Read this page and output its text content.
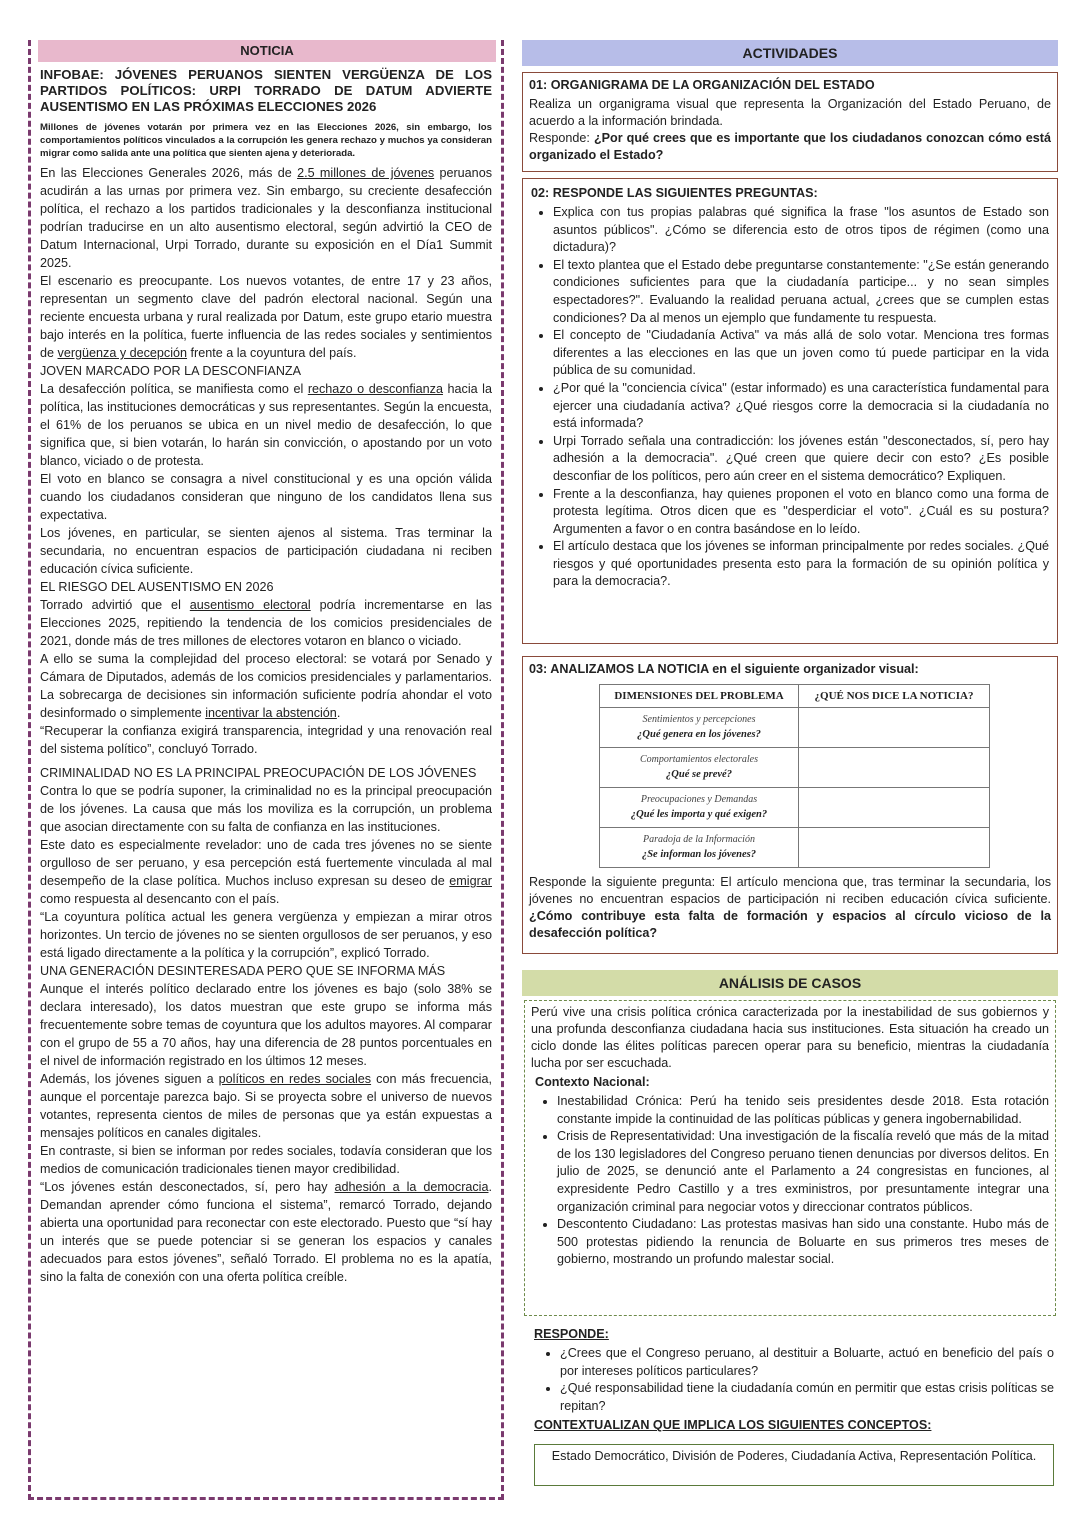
NOTICIA

INFOBAE: JÓVENES PERUANOS SIENTEN VERGÜENZA DE LOS PARTIDOS POLÍTICOS: URPI TORRADO DE DATUM ADVIERTE AUSENTISMO EN LAS PRÓXIMAS ELECCIONES 2026

Millones de jóvenes votarán por primera vez en las Elecciones 2026, sin embargo, los comportamientos políticos vinculados a la corrupción les genera rechazo y muchos ya consideran migrar como salida ante una política que sienten ajena y deteriorada.

En las Elecciones Generales 2026, más de 2.5 millones de jóvenes peruanos acudirán a las urnas por primera vez. Sin embargo, su creciente desafección política, el rechazo a los partidos tradicionales y la desconfianza institucional podrían traducirse en un alto ausentismo electoral, según advirtió la CEO de Datum Internacional, Urpi Torrado, durante su exposición en el Día1 Summit 2025.

El escenario es preocupante. Los nuevos votantes, de entre 17 y 23 años, representan un segmento clave del padrón electoral nacional. Según una reciente encuesta urbana y rural realizada por Datum, este grupo etario muestra bajo interés en la política, fuerte influencia de las redes sociales y sentimientos de vergüenza y decepción frente a la coyuntura del país.

JOVEN MARCADO POR LA DESCONFIANZA

La desafección política, se manifiesta como el rechazo o desconfianza hacia la política, las instituciones democráticas y sus representantes. Según la encuesta, el 61% de los peruanos se ubica en un nivel medio de desafección, lo que significa que, si bien votarán, lo harán sin convicción, o apostando por un voto blanco, viciado o de protesta.

El voto en blanco se consagra a nivel constitucional y es una opción válida cuando los ciudadanos consideran que ninguno de los candidatos llena sus expectativa.

Los jóvenes, en particular, se sienten ajenos al sistema. Tras terminar la secundaria, no encuentran espacios de participación ciudadana ni reciben educación cívica suficiente.

EL RIESGO DEL AUSENTISMO EN 2026

Torrado advirtió que el ausentismo electoral podría incrementarse en las Elecciones 2025, repitiendo la tendencia de los comicios presidenciales de 2021, donde más de tres millones de electores votaron en blanco o viciado.

A ello se suma la complejidad del proceso electoral: se votará por Senado y Cámara de Diputados, además de los comicios presidenciales y parlamentarios. La sobrecarga de decisiones sin información suficiente podría ahondar el voto desinformado o simplemente incentivar la abstención.

“Recuperar la confianza exigirá transparencia, integridad y una renovación real del sistema político”, concluyó Torrado.

CRIMINALIDAD NO ES LA PRINCIPAL PREOCUPACIÓN DE LOS JÓVENES

Contra lo que se podría suponer, la criminalidad no es la principal preocupación de los jóvenes. La causa que más los moviliza es la corrupción, un problema que asocian directamente con su falta de confianza en las instituciones.

Este dato es especialmente revelador: uno de cada tres jóvenes no se siente orgulloso de ser peruano, y esa percepción está fuertemente vinculada al mal desempeño de la clase política. Muchos incluso expresan su deseo de emigrar como respuesta al desencanto con el país.

“La coyuntura política actual les genera vergüenza y empiezan a mirar otros horizontes. Un tercio de jóvenes no se sienten orgullosos de ser peruanos, y eso está ligado directamente a la política y la corrupción”, explicó Torrado.

UNA GENERACIÓN DESINTERESADA PERO QUE SE INFORMA MÁS

Aunque el interés político declarado entre los jóvenes es bajo (solo 38% se declara interesado), los datos muestran que este grupo se informa más frecuentemente sobre temas de coyuntura que los adultos mayores. Al comparar con el grupo de 55 a 70 años, hay una diferencia de 28 puntos porcentuales en el nivel de información registrado en los últimos 12 meses.

Además, los jóvenes siguen a políticos en redes sociales con más frecuencia, aunque el porcentaje parezca bajo. Si se proyecta sobre el universo de nuevos votantes, representa cientos de miles de personas que ya están expuestas a mensajes políticos en canales digitales.

En contraste, si bien se informan por redes sociales, todavía consideran que los medios de comunicación tradicionales tienen mayor credibilidad.

“Los jóvenes están desconectados, sí, pero hay adhesión a la democracia. Demandan aprender cómo funciona el sistema”, remarcó Torrado, dejando abierta una oportunidad para reconectar con este electorado. Puesto que “sí hay un interés que se puede potenciar si se generan los espacios y canales adecuados para estos jóvenes”, señaló Torrado. El problema no es la apatía, sino la falta de conexión con una oferta política creíble.

ACTIVIDADES

01: ORGANIGRAMA DE LA ORGANIZACIÓN DEL ESTADO

Realiza un organigrama visual que representa la Organización del Estado Peruano, de acuerdo a la información brindada.

Responde: ¿Por qué crees que es importante que los ciudadanos conozcan cómo está organizado el Estado?

02: RESPONDE LAS SIGUIENTES PREGUNTAS:

• Explica con tus propias palabras qué significa la frase "los asuntos de Estado son asuntos públicos". ¿Cómo se diferencia esto de otros tipos de régimen (como una dictadura)?
• El texto plantea que el Estado debe preguntarse constantemente: "¿Se están generando condiciones suficientes para que la ciudadanía participe... y no sean simples espectadores?". Evaluando la realidad peruana actual, ¿crees que se cumplen estas condiciones? Da al menos un ejemplo que fundamente tu respuesta.
• El concepto de "Ciudadanía Activa" va más allá de solo votar. Menciona tres formas diferentes a las elecciones en las que un joven como tú puede participar en la vida pública de su comunidad.
• ¿Por qué la "conciencia cívica" (estar informado) es una característica fundamental para ejercer una ciudadanía activa? ¿Qué riesgos corre la democracia si la ciudadanía no está informada?
• Urpi Torrado señala una contradicción: los jóvenes están "desconectados, sí, pero hay adhesión a la democracia". ¿Qué creen que quiere decir con esto? ¿Es posible desconfiar de los políticos, pero aún creer en el sistema democrático? Expliquen.
• Frente a la desconfianza, hay quienes proponen el voto en blanco como una forma de protesta legítima. Otros dicen que es "desperdiciar el voto". ¿Cuál es su postura? Argumenten a favor o en contra basándose en lo leído.
• El artículo destaca que los jóvenes se informan principalmente por redes sociales. ¿Qué riesgos y qué oportunidades presenta esto para la formación de su opinión política y para la democracia?.

03: ANALIZAMOS LA NOTICIA en el siguiente organizador visual:

DIMENSIONES DEL PROBLEMA	¿QUÉ NOS DICE LA NOTICIA?

Sentimientos y percepciones
¿Qué genera en los jóvenes?	

Comportamientos electorales
¿Qué se prevé?	

Preocupaciones y Demandas
¿Qué les importa y qué exigen?	

Paradoja de la Información
¿Se informan los jóvenes?	

Responde la siguiente pregunta: El artículo menciona que, tras terminar la secundaria, los jóvenes no encuentran espacios de participación ni reciben educación cívica suficiente. ¿Cómo contribuye esta falta de formación y espacios al círculo vicioso de la desafección política?

ANÁLISIS DE CASOS

Perú vive una crisis política crónica caracterizada por la inestabilidad de sus gobiernos y una profunda desconfianza ciudadana hacia sus instituciones. Esta situación ha creado un ciclo donde las élites políticas parecen operar para su beneficio, mientras la ciudadanía lucha por ser escuchada.

Contexto Nacional:

• Inestabilidad Crónica: Perú ha tenido seis presidentes desde 2018. Esta rotación constante impide la continuidad de las políticas públicas y genera ingobernabilidad.
• Crisis de Representatividad: Una investigación de la fiscalía reveló que más de la mitad de los 130 legisladores del Congreso peruano tienen denuncias por diversos delitos. En julio de 2025, se denunció ante el Parlamento a 24 congresistas en funciones, al expresidente Pedro Castillo y a tres exministros, por presuntamente integrar una organización criminal para negociar votos y direccionar contratos públicos.
• Descontento Ciudadano: Las protestas masivas han sido una constante. Hubo más de 500 protestas pidiendo la renuncia de Boluarte en sus primeros tres meses de gobierno, mostrando un profundo malestar social.

RESPONDE:

• ¿Crees que el Congreso peruano, al destituir a Boluarte, actuó en beneficio del país o por intereses políticos particulares?
• ¿Qué responsabilidad tiene la ciudadanía común en permitir que estas crisis políticas se repitan?

CONTEXTUALIZAN QUE IMPLICA LOS SIGUIENTES CONCEPTOS:

Estado Democrático, División de Poderes, Ciudadanía Activa, Representación Política.
